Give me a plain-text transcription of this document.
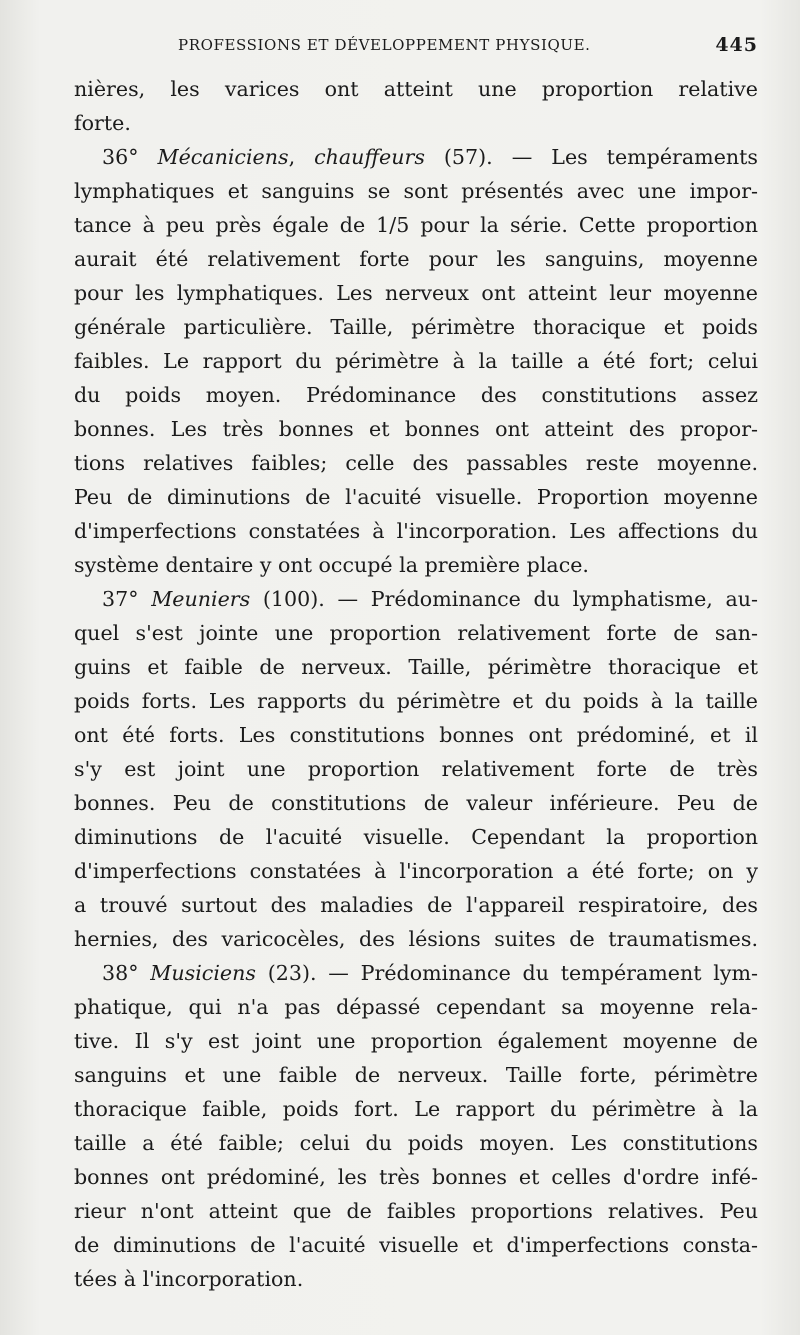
PROFESSIONS ET DÉVELOPPEMENT PHYSIQUE.	445
nières, les varices ont atteint une proportion relative
forte.
36° Mécaniciens, chauffeurs (57). — Les tempéraments
lymphatiques et sanguins se sont présentés avec une impor-
tance à peu près égale de 1/5 pour la série. Cette proportion
aurait été relativement forte pour les sanguins, moyenne
pour les lymphatiques. Les nerveux ont atteint leur moyenne
générale particulière. Taille, périmètre thoracique et poids
faibles. Le rapport du périmètre à la taille a été fort; celui
du poids moyen. Prédominance des constitutions assez
bonnes. Les très bonnes et bonnes ont atteint des propor-
tions relatives faibles; celle des passables reste moyenne.
Peu de diminutions de l'acuité visuelle. Proportion moyenne
d'imperfections constatées à l'incorporation. Les affections du
système dentaire y ont occupé la première place.
37° Meuniers (100). — Prédominance du lymphatisme, au-
quel s'est jointe une proportion relativement forte de san-
guins et faible de nerveux. Taille, périmètre thoracique et
poids forts. Les rapports du périmètre et du poids à la taille
ont été forts. Les constitutions bonnes ont prédominé, et il
s'y est joint une proportion relativement forte de très
bonnes. Peu de constitutions de valeur inférieure. Peu de
diminutions de l'acuité visuelle. Cependant la proportion
d'imperfections constatées à l'incorporation a été forte; on y
a trouvé surtout des maladies de l'appareil respiratoire, des
hernies, des varicocèles, des lésions suites de traumatismes.
38° Musiciens (23). — Prédominance du tempérament lym-
phatique, qui n'a pas dépassé cependant sa moyenne rela-
tive. Il s'y est joint une proportion également moyenne de
sanguins et une faible de nerveux. Taille forte, périmètre
thoracique faible, poids fort. Le rapport du périmètre à la
taille a été faible; celui du poids moyen. Les constitutions
bonnes ont prédominé, les très bonnes et celles d'ordre infé-
rieur n'ont atteint que de faibles proportions relatives. Peu
de diminutions de l'acuité visuelle et d'imperfections consta-
tées à l'incorporation.
